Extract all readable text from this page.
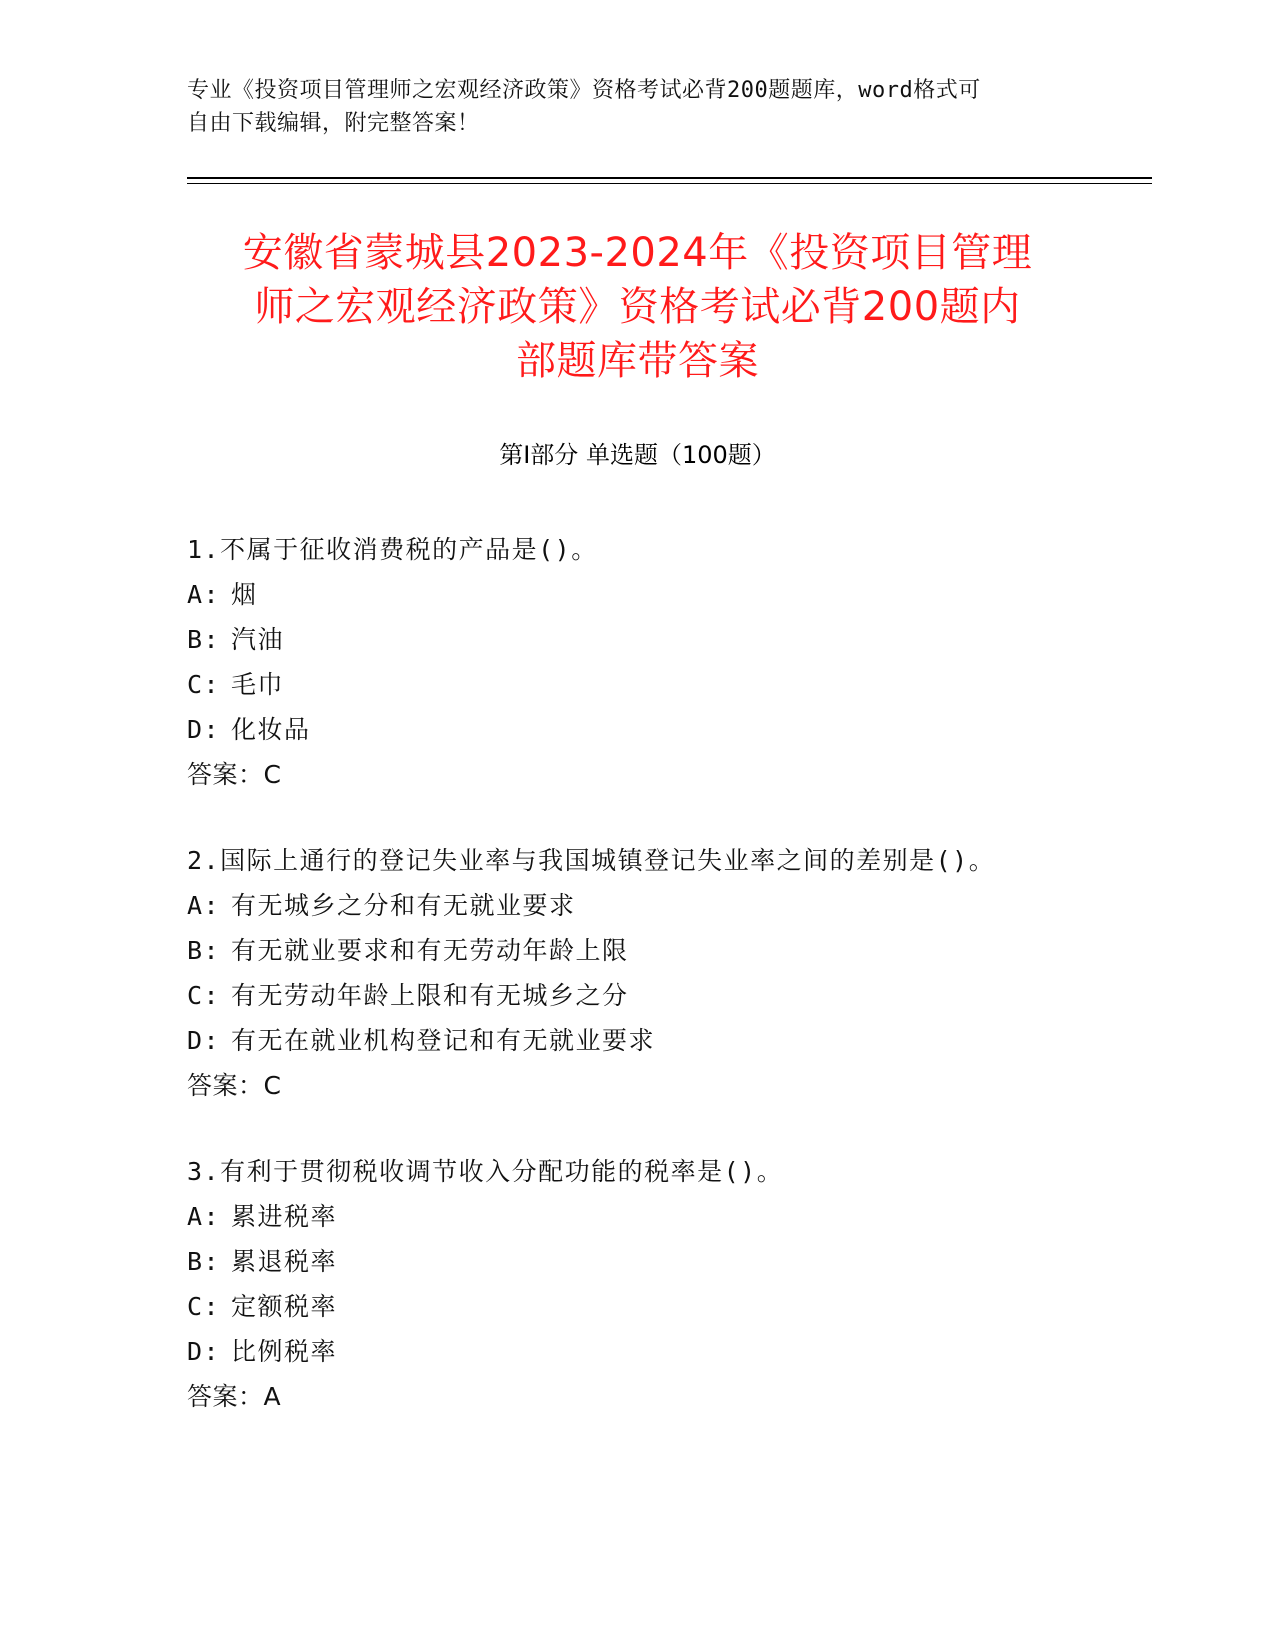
专业《投资项目管理师之宏观经济政策》资格考试必背200题题库，word格式可
自由下载编辑，附完整答案！
安徽省蒙城县2023-2024年《投资项目管理
师之宏观经济政策》资格考试必背200题内
部题库带答案
第Ⅰ部分 单选题（100题）
1.不属于征收消费税的产品是()。
A: 烟
B: 汽油
C: 毛巾
D: 化妆品
答案：C
2.国际上通行的登记失业率与我国城镇登记失业率之间的差别是()。
A: 有无城乡之分和有无就业要求
B: 有无就业要求和有无劳动年龄上限
C: 有无劳动年龄上限和有无城乡之分
D: 有无在就业机构登记和有无就业要求
答案：C
3.有利于贯彻税收调节收入分配功能的税率是()。
A: 累进税率
B: 累退税率
C: 定额税率
D: 比例税率
答案：A
